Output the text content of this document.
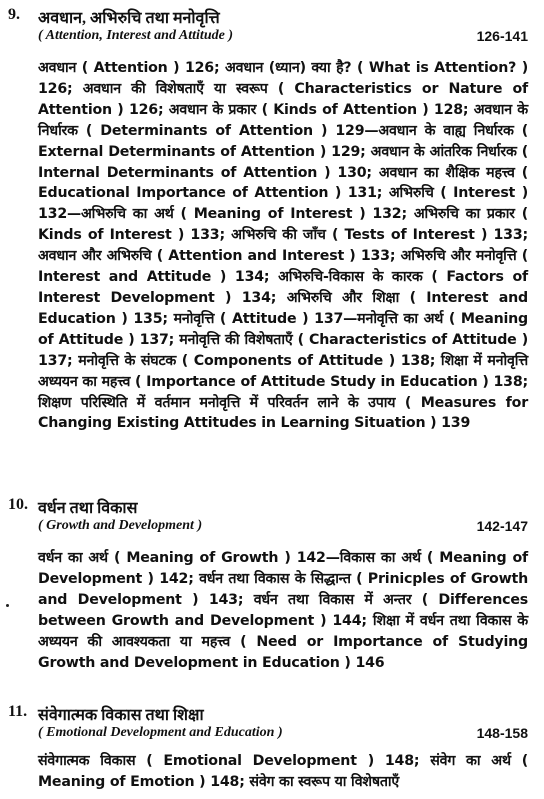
9. अवधान, अभिरुचि तथा मनोवृत्ति
( Attention, Interest and Attitude )	126-141
अवधान ( Attention ) 126; अवधान (ध्यान) क्या है? ( What is Attention? ) 126; अवधान की विशेषताएँ या स्वरूप ( Characteristics or Nature of Attention ) 126; अवधान के प्रकार ( Kinds of Attention ) 128; अवधान के निर्धारक ( Determinants of Attention ) 129—अवधान के वाह्य निर्धारक ( External Determinants of Attention ) 129; अवधान के आंतरिक निर्धारक ( Internal Determinants of Attention ) 130; अवधान का शैक्षिक महत्त्व ( Educational Importance of Attention ) 131; अभिरुचि ( Interest ) 132—अभिरुचि का अर्थ ( Meaning of Interest ) 132; अभिरुचि का प्रकार ( Kinds of Interest ) 133; अभिरुचि की जाँच ( Tests of Interest ) 133; अवधान और अभिरुचि ( Attention and Interest ) 133; अभिरुचि और मनोवृत्ति ( Interest and Attitude ) 134; अभिरुचि-विकास के कारक ( Factors of Interest Development ) 134; अभिरुचि और शिक्षा ( Interest and Education ) 135; मनोवृत्ति ( Attitude ) 137—मनोवृत्ति का अर्थ ( Meaning of Attitude ) 137; मनोवृत्ति की विशेषताएँ ( Characteristics of Attitude ) 137; मनोवृत्ति के संघटक ( Components of Attitude ) 138; शिक्षा में मनोवृत्ति अध्ययन का महत्त्व ( Importance of Attitude Study in Education ) 138; शिक्षण परिस्थिति में वर्तमान मनोवृत्ति में परिवर्तन लाने के उपाय ( Measures for Changing Existing Attitudes in Learning Situation ) 139
10. वर्धन तथा विकास
( Growth and Development )	142-147
वर्धन का अर्थ ( Meaning of Growth ) 142—विकास का अर्थ ( Meaning of Development ) 142; वर्धन तथा विकास के सिद्धान्त ( Prinicples of Growth and Development ) 143; वर्धन तथा विकास में अन्तर ( Differences between Growth and Development ) 144; शिक्षा में वर्धन तथा विकास के अध्ययन की आवश्यकता या महत्त्व ( Need or Importance of Studying Growth and Development in Education ) 146
11. संवेगात्मक विकास तथा शिक्षा
( Emotional Development and Education )	148-158
संवेगात्मक विकास ( Emotional Development ) 148; संवेग का अर्थ ( Meaning of Emotion ) 148; संवेग का स्वरूप या विशेषताएँ
